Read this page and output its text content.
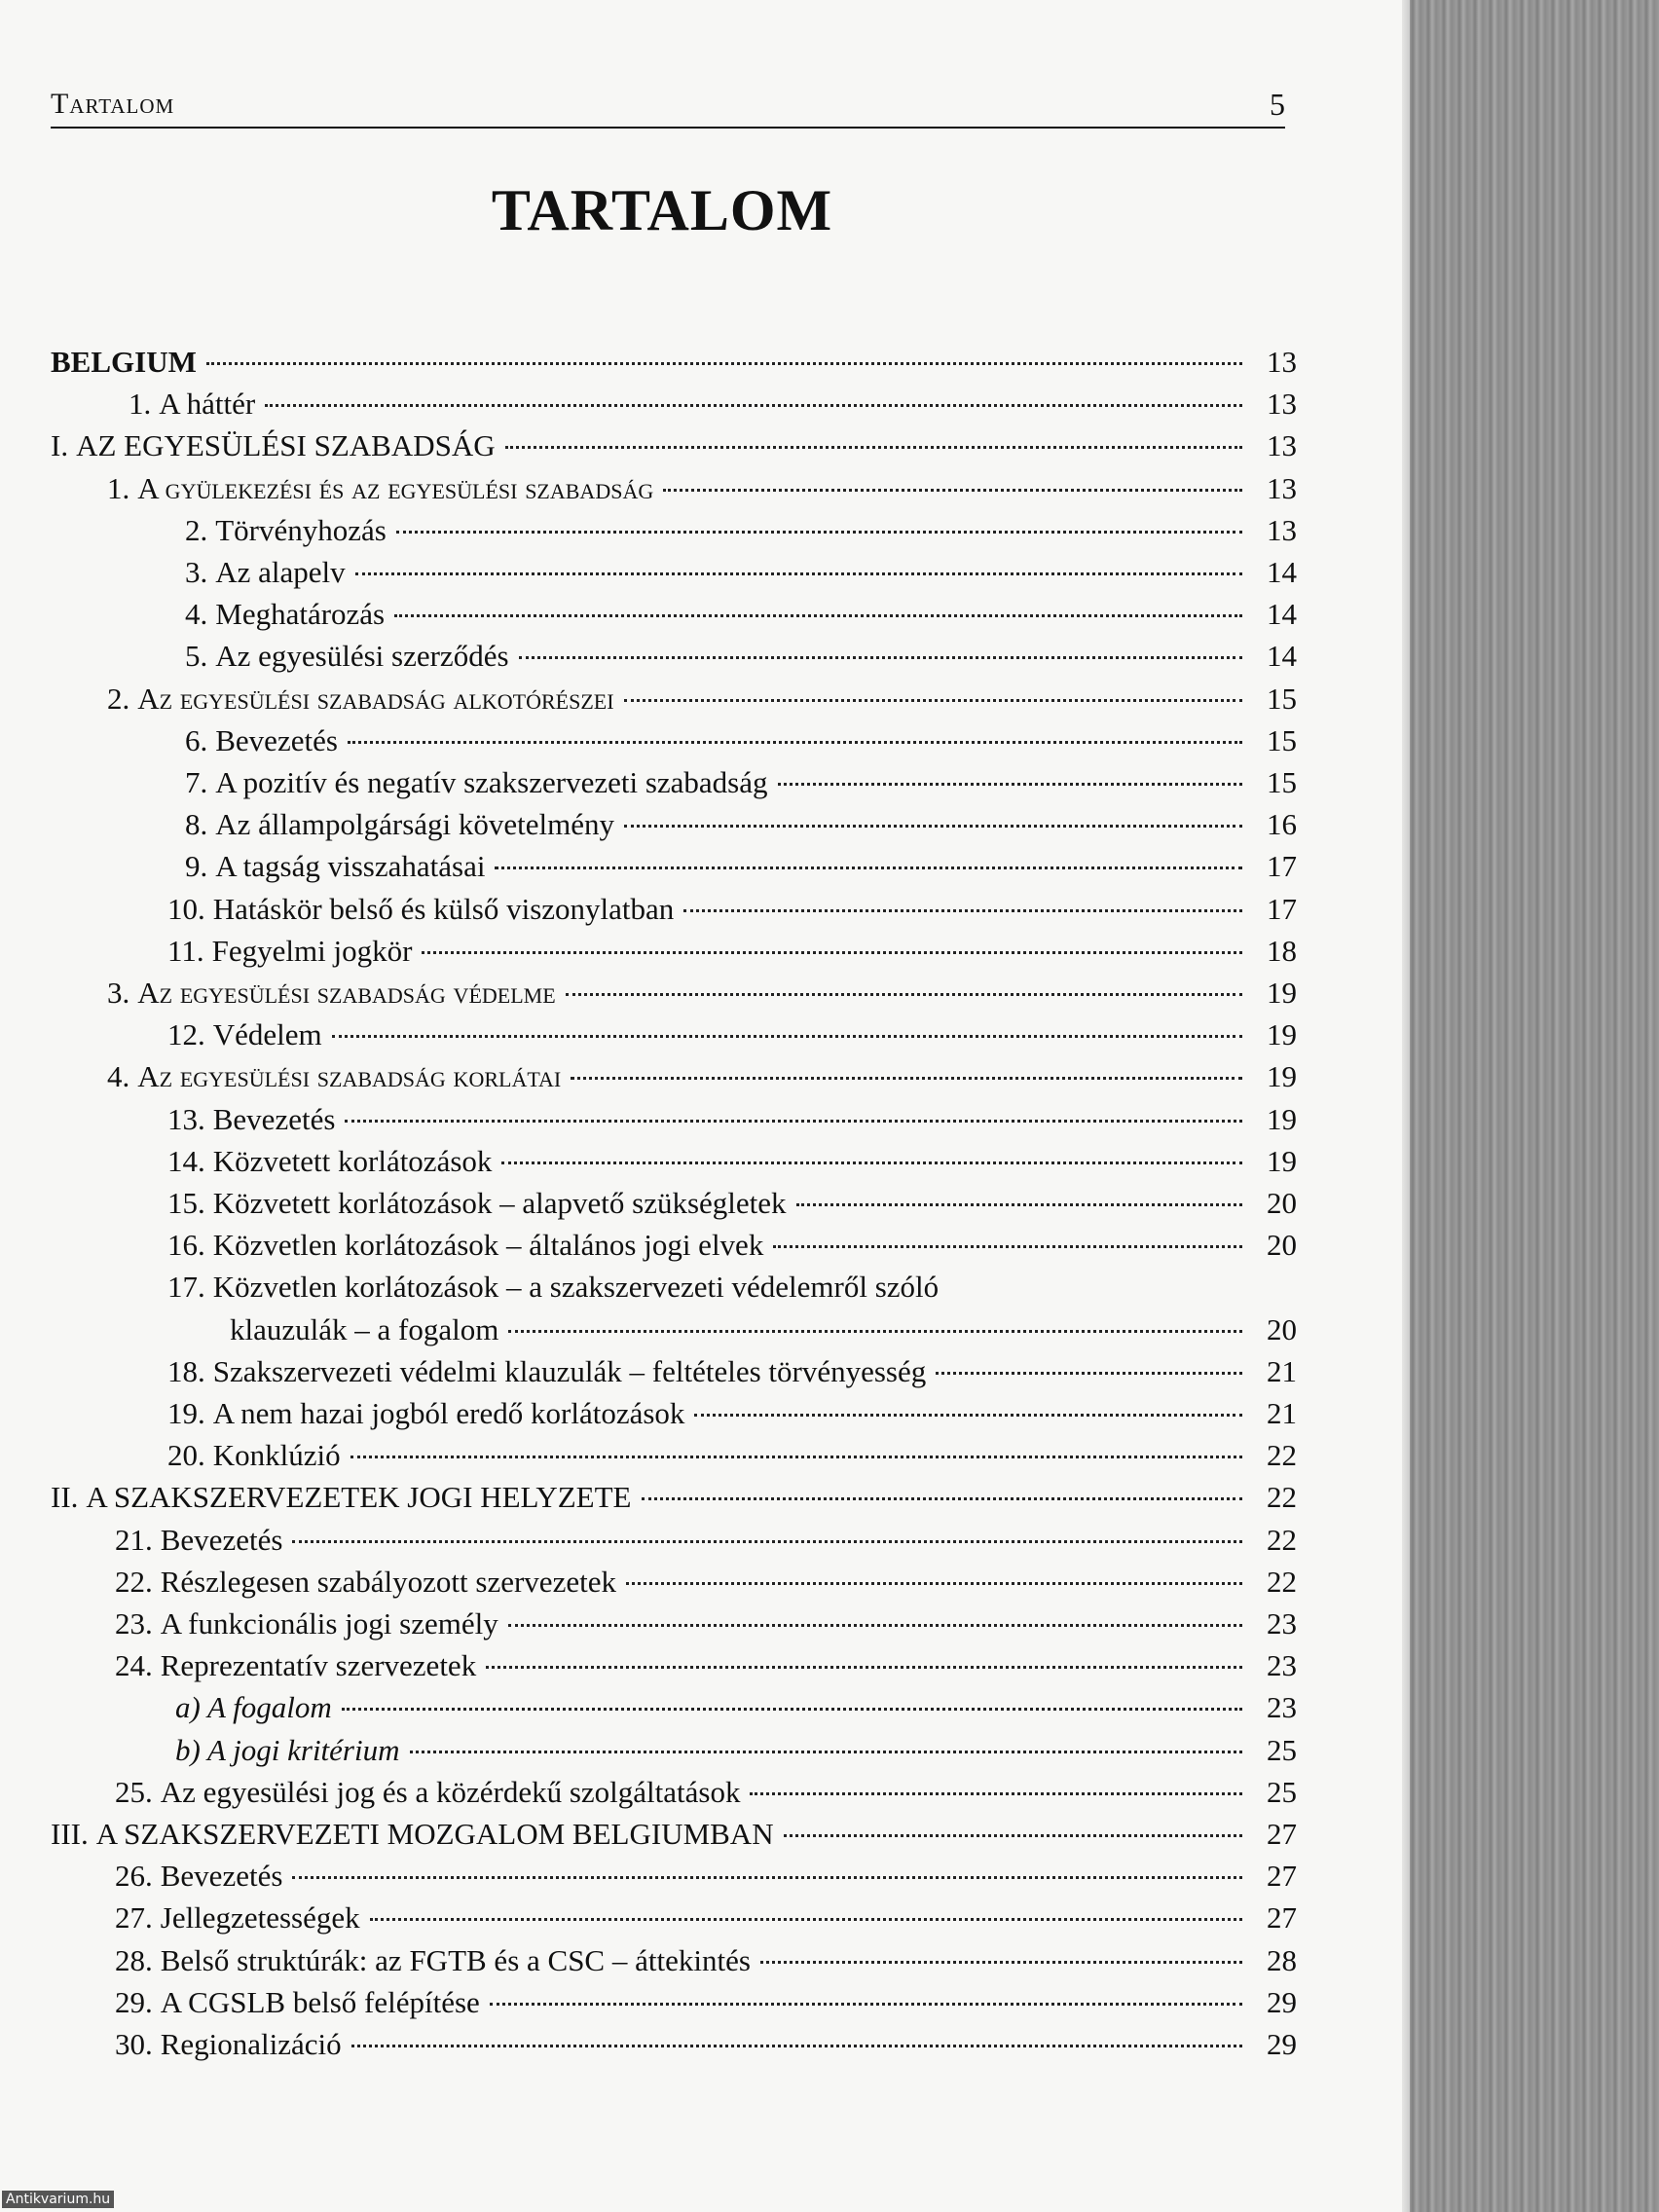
Tartalom	5
TARTALOM
BELGIUM	13
1. A háttér	13
I. AZ EGYESÜLÉSI SZABADSÁG	13
1. A gyülekezési és az egyesülési szabadság	13
2. Törvényhozás	13
3. Az alapelv	14
4. Meghatározás	14
5. Az egyesülési szerződés	14
2. Az egyesülési szabadság alkotórészei	15
6. Bevezetés	15
7. A pozitív és negatív szakszervezeti szabadság	15
8. Az állampolgársági követelmény	16
9. A tagság visszahatásai	17
10. Hatáskör belső és külső viszonylatban	17
11. Fegyelmi jogkör	18
3. Az egyesülési szabadság védelme	19
12. Védelem	19
4. Az egyesülési szabadság korlátai	19
13. Bevezetés	19
14. Közvetett korlátozások	19
15. Közvetett korlátozások – alapvető szükségletek	20
16. Közvetlen korlátozások – általános jogi elvek	20
17. Közvetlen korlátozások – a szakszervezeti védelemről szóló
klauzulák – a fogalom	20
18. Szakszervezeti védelmi klauzulák – feltételes törvényesség	21
19. A nem hazai jogból eredő korlátozások	21
20. Konklúzió	22
II. A SZAKSZERVEZETEK JOGI HELYZETE	22
21. Bevezetés	22
22. Részlegesen szabályozott szervezetek	22
23. A funkcionális jogi személy	23
24. Reprezentatív szervezetek	23
a) A fogalom	23
b) A jogi kritérium	25
25. Az egyesülési jog és a közérdekű szolgáltatások	25
III. A SZAKSZERVEZETI MOZGALOM BELGIUMBAN	27
26. Bevezetés	27
27. Jellegzetességek	27
28. Belső struktúrák: az FGTB és a CSC – áttekintés	28
29. A CGSLB belső felépítése	29
30. Regionalizáció	29
Antikvarium.hu
